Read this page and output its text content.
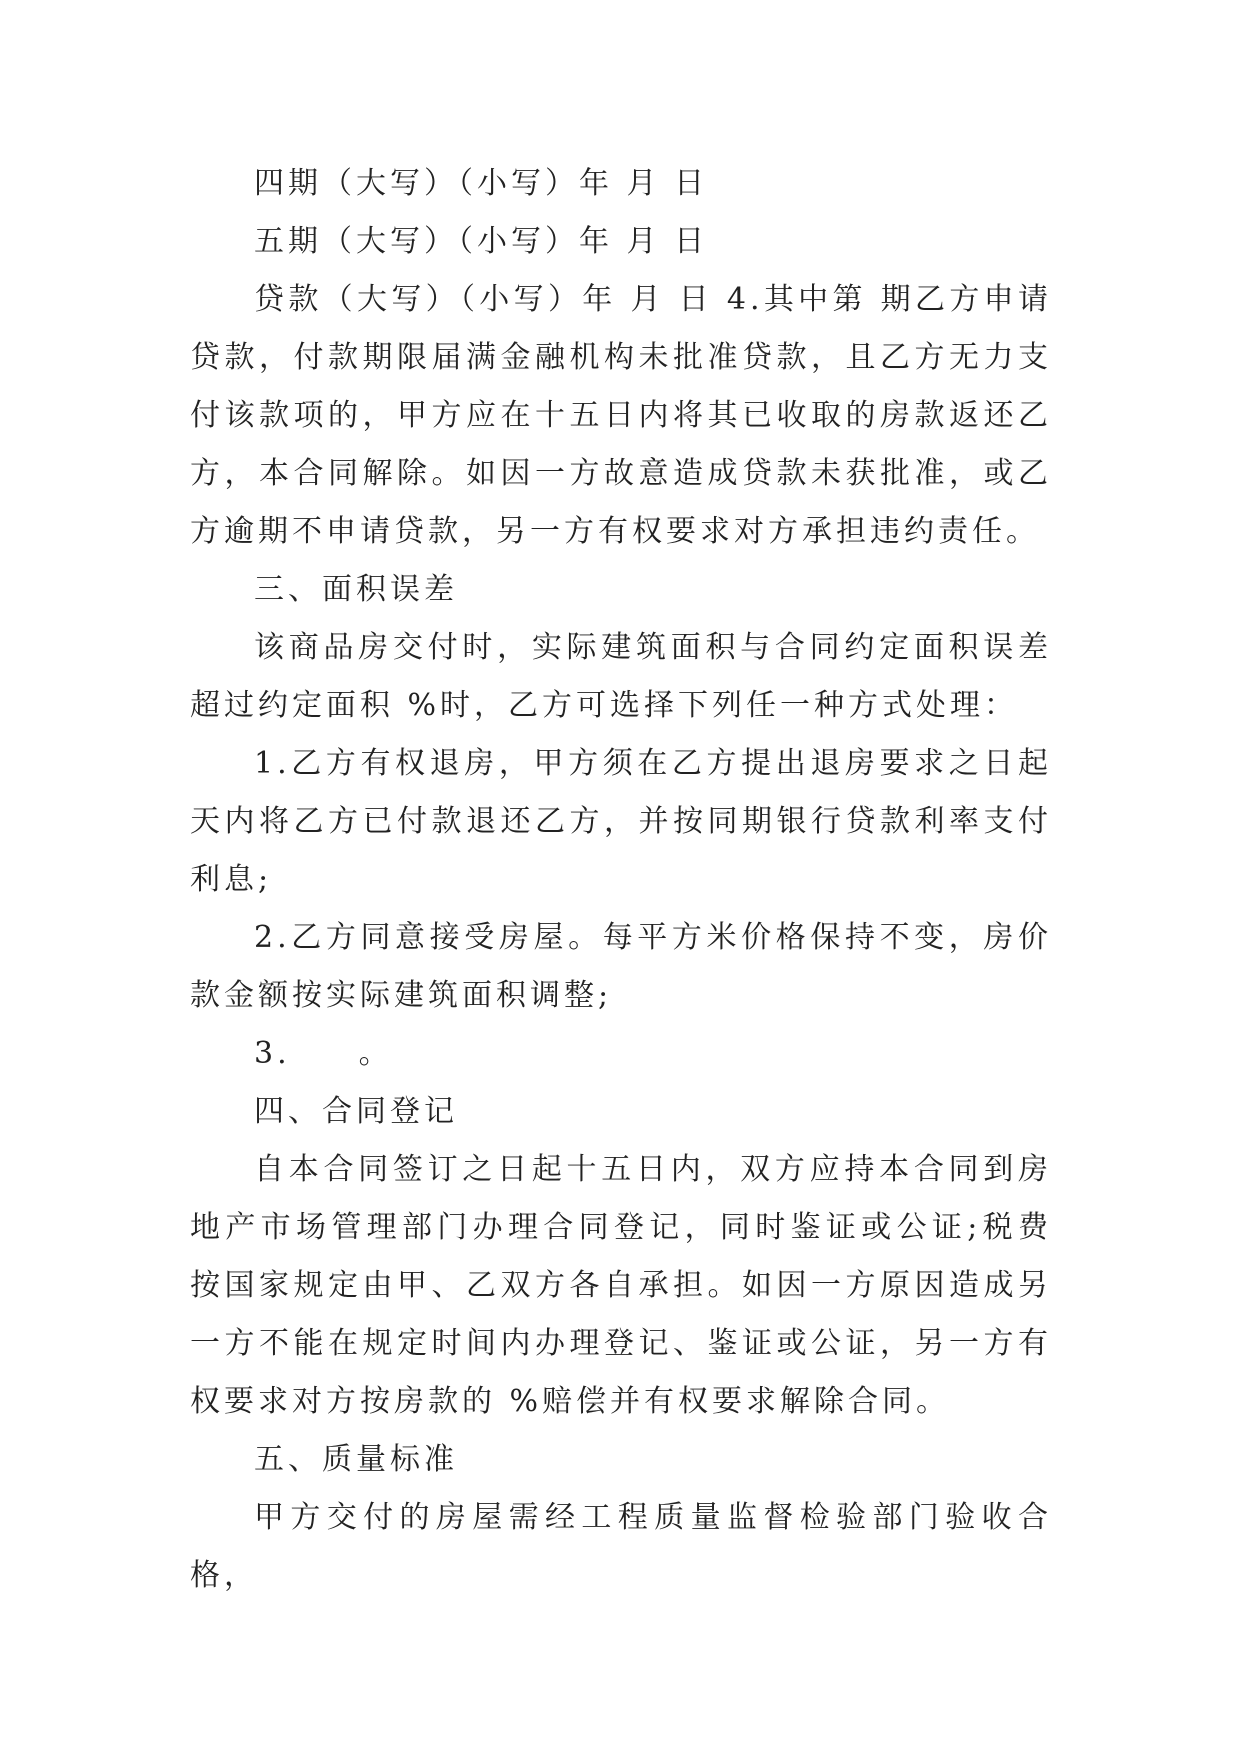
四期（大写）（小写）年 月 日

五期（大写）（小写）年 月 日

贷款（大写）（小写）年 月 日 4.其中第 期乙方申请贷款，付款期限届满金融机构未批准贷款，且乙方无力支付该款项的，甲方应在十五日内将其已收取的房款返还乙方，本合同解除。如因一方故意造成贷款未获批准，或乙方逾期不申请贷款，另一方有权要求对方承担违约责任。

三、面积误差

该商品房交付时，实际建筑面积与合同约定面积误差超过约定面积 %时，乙方可选择下列任一种方式处理：

1.乙方有权退房，甲方须在乙方提出退房要求之日起 天内将乙方已付款退还乙方，并按同期银行贷款利率支付利息;

2.乙方同意接受房屋。每平方米价格保持不变，房价款金额按实际建筑面积调整;

3.　　。

四、合同登记

自本合同签订之日起十五日内，双方应持本合同到房地产市场管理部门办理合同登记，同时鉴证或公证;税费按国家规定由甲、乙双方各自承担。如因一方原因造成另一方不能在规定时间内办理登记、鉴证或公证，另一方有权要求对方按房款的 %赔偿并有权要求解除合同。

五、质量标准

甲方交付的房屋需经工程质量监督检验部门验收合格，
